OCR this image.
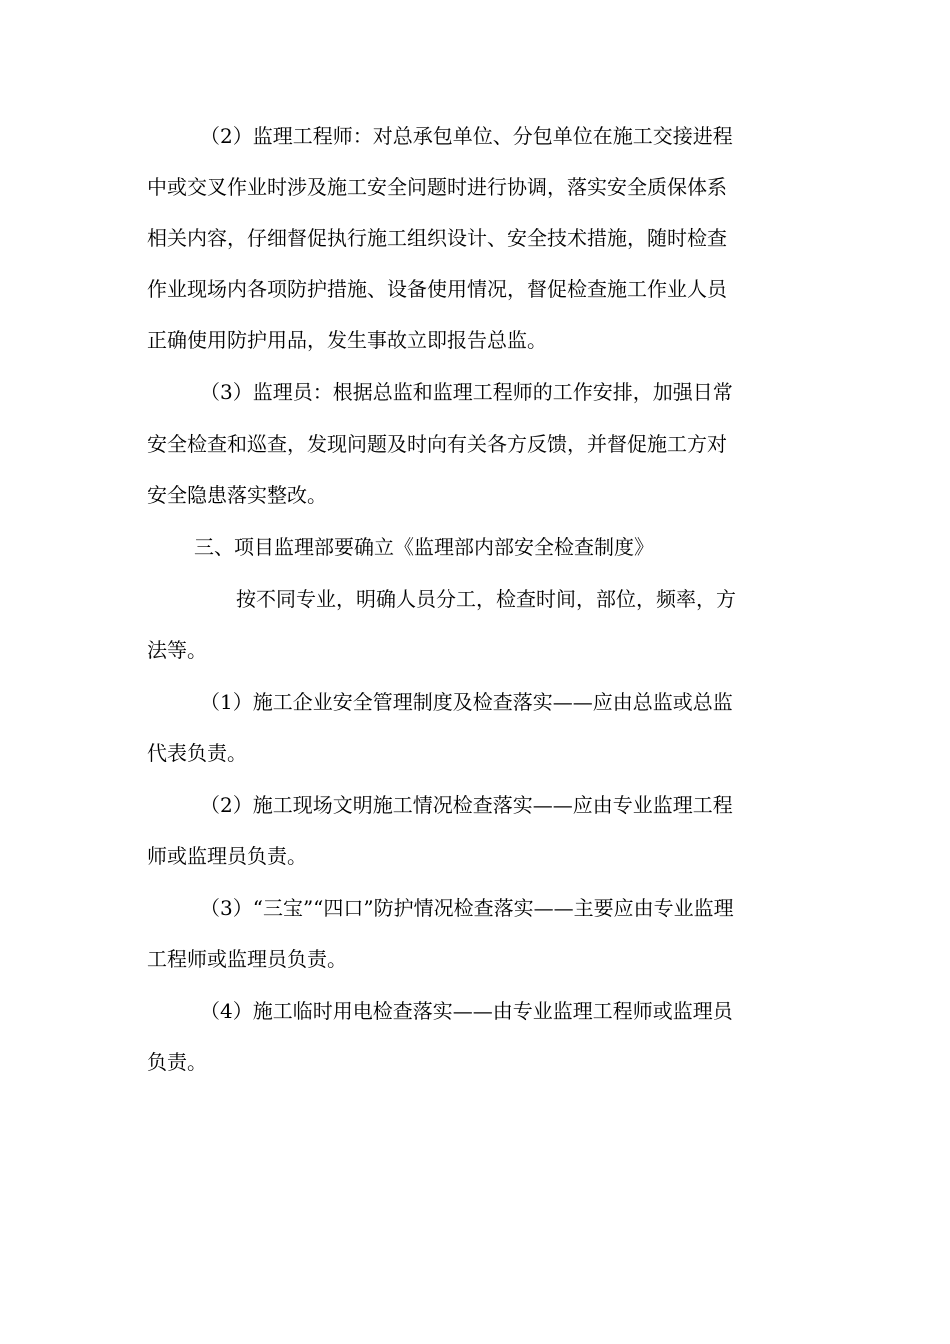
（2）监理工程师：对总承包单位、分包单位在施工交接进程
中或交叉作业时涉及施工安全问题时进行协调，落实安全质保体系
相关内容，仔细督促执行施工组织设计、安全技术措施，随时检查
作业现场内各项防护措施、设备使用情况，督促检查施工作业人员
正确使用防护用品，发生事故立即报告总监。
（3）监理员：根据总监和监理工程师的工作安排，加强日常
安全检查和巡查，发现问题及时向有关各方反馈，并督促施工方对
安全隐患落实整改。
三、项目监理部要确立《监理部内部安全检查制度》
按不同专业，明确人员分工，检查时间，部位，频率，方
法等。
（1）施工企业安全管理制度及检查落实——应由总监或总监
代表负责。
（2）施工现场文明施工情况检查落实——应由专业监理工程
师或监理员负责。
（3）“三宝”“四口”防护情况检查落实——主要应由专业监理
工程师或监理员负责。
（4）施工临时用电检查落实——由专业监理工程师或监理员
负责。
